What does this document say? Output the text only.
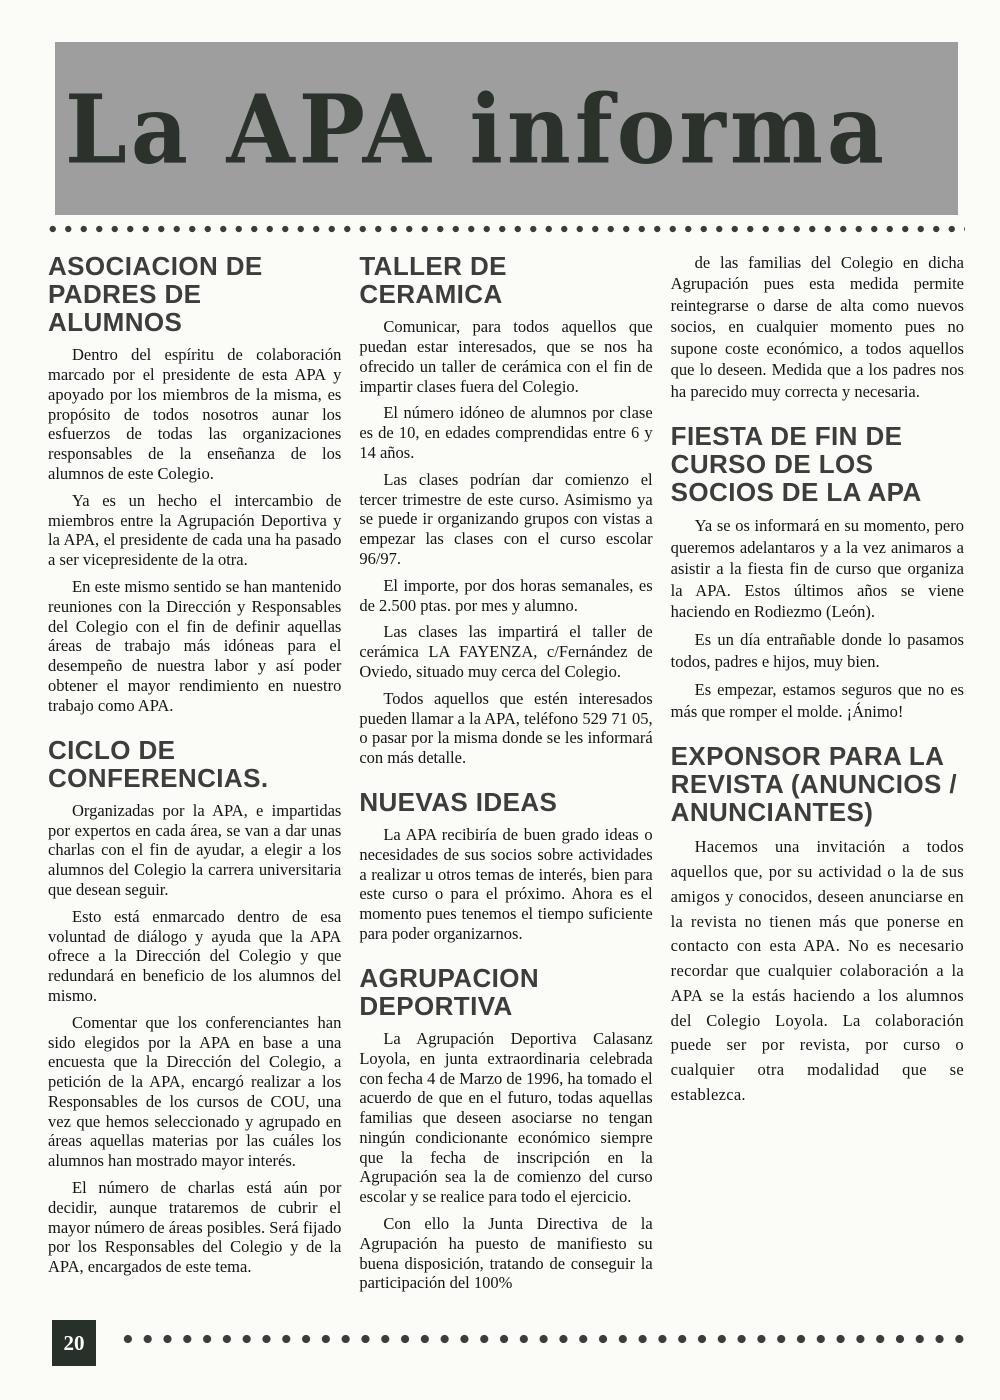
La APA informa
ASOCIACION DE PADRES DE ALUMNOS

Dentro del espíritu de colaboración marcado por el presidente de esta APA y apoyado por los miembros de la misma, es propósito de todos nosotros aunar los esfuerzos de todas las organizaciones responsables de la enseñanza de los alumnos de este Colegio.

Ya es un hecho el intercambio de miembros entre la Agrupación Deportiva y la APA, el presidente de cada una ha pasado a ser vicepresidente de la otra.

En este mismo sentido se han mantenido reuniones con la Dirección y Responsables del Colegio con el fin de definir aquellas áreas de trabajo más idóneas para el desempeño de nuestra labor y así poder obtener el mayor rendimiento en nuestro trabajo como APA.

CICLO DE CONFERENCIAS.

Organizadas por la APA, e impartidas por expertos en cada área, se van a dar unas charlas con el fin de ayudar, a elegir a los alumnos del Colegio la carrera universitaria que desean seguir.

Esto está enmarcado dentro de esa voluntad de diálogo y ayuda que la APA ofrece a la Dirección del Colegio y que redundará en beneficio de los alumnos del mismo.

Comentar que los conferenciantes han sido elegidos por la APA en base a una encuesta que la Dirección del Colegio, a petición de la APA, encargó realizar a los Responsables de los cursos de COU, una vez que hemos seleccionado y agrupado en áreas aquellas materias por las cuáles los alumnos han mostrado mayor interés.

El número de charlas está aún por decidir, aunque trataremos de cubrir el mayor número de áreas posibles. Será fijado por los Responsables del Colegio y de la APA, encargados de este tema.

TALLER DE CERAMICA

Comunicar, para todos aquellos que puedan estar interesados, que se nos ha ofrecido un taller de cerámica con el fin de impartir clases fuera del Colegio.

El número idóneo de alumnos por clase es de 10, en edades comprendidas entre 6 y 14 años.

Las clases podrían dar comienzo el tercer trimestre de este curso. Asimismo ya se puede ir organizando grupos con vistas a empezar las clases con el curso escolar 96/97.

El importe, por dos horas semanales, es de 2.500 ptas. por mes y alumno.

Las clases las impartirá el taller de cerámica LA FAYENZA, c/Fernández de Oviedo, situado muy cerca del Colegio.

Todos aquellos que estén interesados pueden llamar a la APA, teléfono 529 71 05, o pasar por la misma donde se les informará con más detalle.

NUEVAS IDEAS

La APA recibiría de buen grado ideas o necesidades de sus socios sobre actividades a realizar u otros temas de interés, bien para este curso o para el próximo. Ahora es el momento pues tenemos el tiempo suficiente para poder organizarnos.

AGRUPACION DEPORTIVA

La Agrupación Deportiva Calasanz Loyola, en junta extraordinaria celebrada con fecha 4 de Marzo de 1996, ha tomado el acuerdo de que en el futuro, todas aquellas familias que deseen asociarse no tengan ningún condicionante económico siempre que la fecha de inscripción en la Agrupación sea la de comienzo del curso escolar y se realice para todo el ejercicio.

Con ello la Junta Directiva de la Agrupación ha puesto de manifiesto su buena disposición, tratando de conseguir la participación del 100%

de las familias del Colegio en dicha Agrupación pues esta medida permite reintegrarse o darse de alta como nuevos socios, en cualquier momento pues no supone coste económico, a todos aquellos que lo deseen. Medida que a los padres nos ha parecido muy correcta y necesaria.

FIESTA DE FIN DE CURSO DE LOS SOCIOS DE LA APA

Ya se os informará en su momento, pero queremos adelantaros y a la vez animaros a asistir a la fiesta fin de curso que organiza la APA. Estos últimos años se viene haciendo en Rodiezmo (León).

Es un día entrañable donde lo pasamos todos, padres e hijos, muy bien.

Es empezar, estamos seguros que no es más que romper el molde. ¡Ánimo!

EXPONSOR PARA LA REVISTA (ANUNCIOS / ANUNCIANTES)

Hacemos una invitación a todos aquellos que, por su actividad o la de sus amigos y conocidos, deseen anunciarse en la revista no tienen más que ponerse en contacto con esta APA. No es necesario recordar que cualquier colaboración a la APA se la estás haciendo a los alumnos del Colegio Loyola. La colaboración puede ser por revista, por curso o cualquier otra modalidad que se establezca.

20
